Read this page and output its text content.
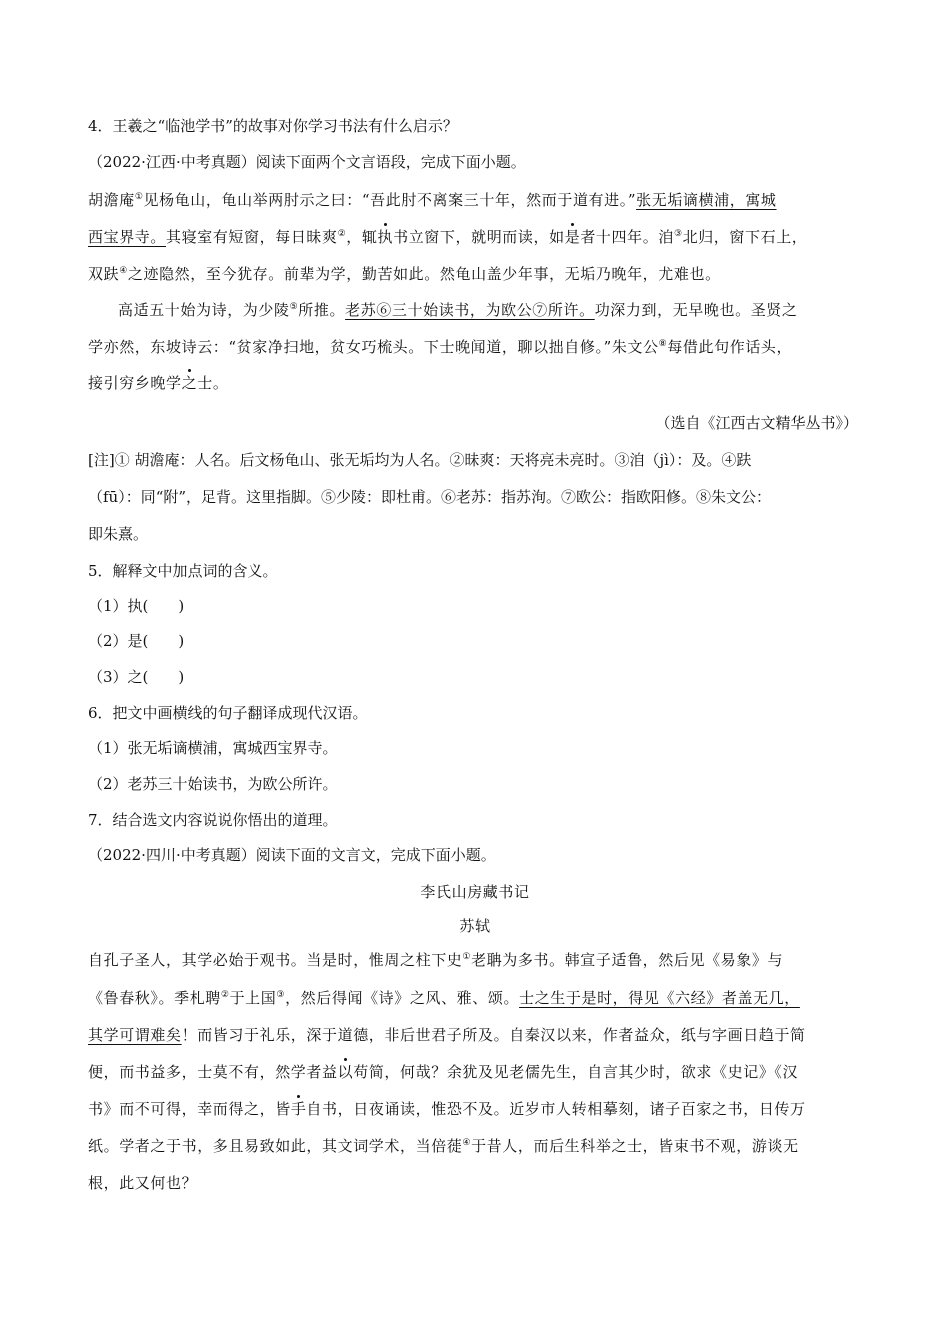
4．王羲之“临池学书”的故事对你学习书法有什么启示？
（2022·江西·中考真题）阅读下面两个文言语段，完成下面小题。
胡澹庵①见杨龟山，龟山举两肘示之曰：“吾此肘不离案三十年，然而于道有进。”张无垢谪横浦，寓城
西宝界寺。其寝室有短窗，每日昧爽②，辄执书立窗下，就明而读，如是者十四年。洎③北归，窗下石上，
双趺④之迹隐然，至今犹存。前辈为学，勤苦如此。然龟山盖少年事，无垢乃晚年，尤难也。
高适五十始为诗，为少陵⑤所推。老苏⑥三十始读书，为欧公⑦所许。功深力到，无早晚也。圣贤之
学亦然，东坡诗云：“贫家净扫地，贫女巧梳头。下士晚闻道，聊以拙自修。”朱文公⑧每借此句作话头，
接引穷乡晚学之士。
（选自《江西古文精华丛书》）
[注]① 胡澹庵：人名。后文杨龟山、张无垢均为人名。②昧爽：天将亮未亮时。③洎（jì）：及。④趺
（fū）：同“附”，足背。这里指脚。⑤少陵：即杜甫。⑥老苏：指苏洵。⑦欧公：指欧阳修。⑧朱文公：
即朱熹。
5．解释文中加点词的含义。
（1）执(　　)
（2）是(　　)
（3）之(　　)
6．把文中画横线的句子翻译成现代汉语。
（1）张无垢谪横浦，寓城西宝界寺。
（2）老苏三十始读书，为欧公所许。
7．结合选文内容说说你悟出的道理。
（2022·四川·中考真题）阅读下面的文言文，完成下面小题。
李氏山房藏书记
苏轼
自孔子圣人，其学必始于观书。当是时，惟周之柱下史①老聃为多书。韩宣子适鲁，然后见《易象》与
《鲁春秋》。季札聘②于上国③，然后得闻《诗》之风、雅、颂。士之生于是时，得见《六经》者盖无几，
其学可谓难矣！而皆习于礼乐，深于道德，非后世君子所及。自秦汉以来，作者益众，纸与字画日趋于简
便，而书益多，士莫不有，然学者益以苟简，何哉？余犹及见老儒先生，自言其少时，欲求《史记》《汉
书》而不可得，幸而得之，皆手自书，日夜诵读，惟恐不及。近岁市人转相摹刻，诸子百家之书，日传万
纸。学者之于书，多且易致如此，其文词学术，当倍蓰④于昔人，而后生科举之士，皆束书不观，游谈无
根，此又何也？
